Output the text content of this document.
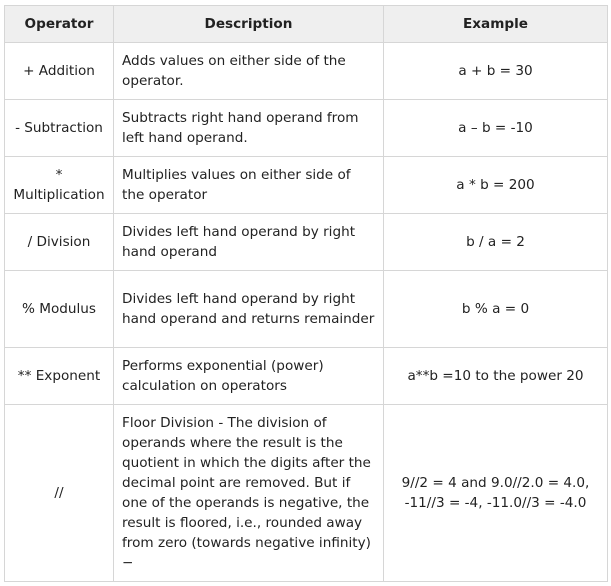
Operator	Description	Example
+ Addition	Adds values on either side of the operator.	a + b = 30
- Subtraction	Subtracts right hand operand from left hand operand.	a – b = -10
* Multiplication	Multiplies values on either side of the operator	a * b = 200
/ Division	Divides left hand operand by right hand operand	b / a = 2
% Modulus	Divides left hand operand by right hand operand and returns remainder	b % a = 0
** Exponent	Performs exponential (power) calculation on operators	a**b =10 to the power 20
//	Floor Division - The division of operands where the result is the quotient in which the digits after the decimal point are removed. But if one of the operands is negative, the result is floored, i.e., rounded away from zero (towards negative infinity) −	9//2 = 4 and 9.0//2.0 = 4.0, -11//3 = -4, -11.0//3 = -4.0
